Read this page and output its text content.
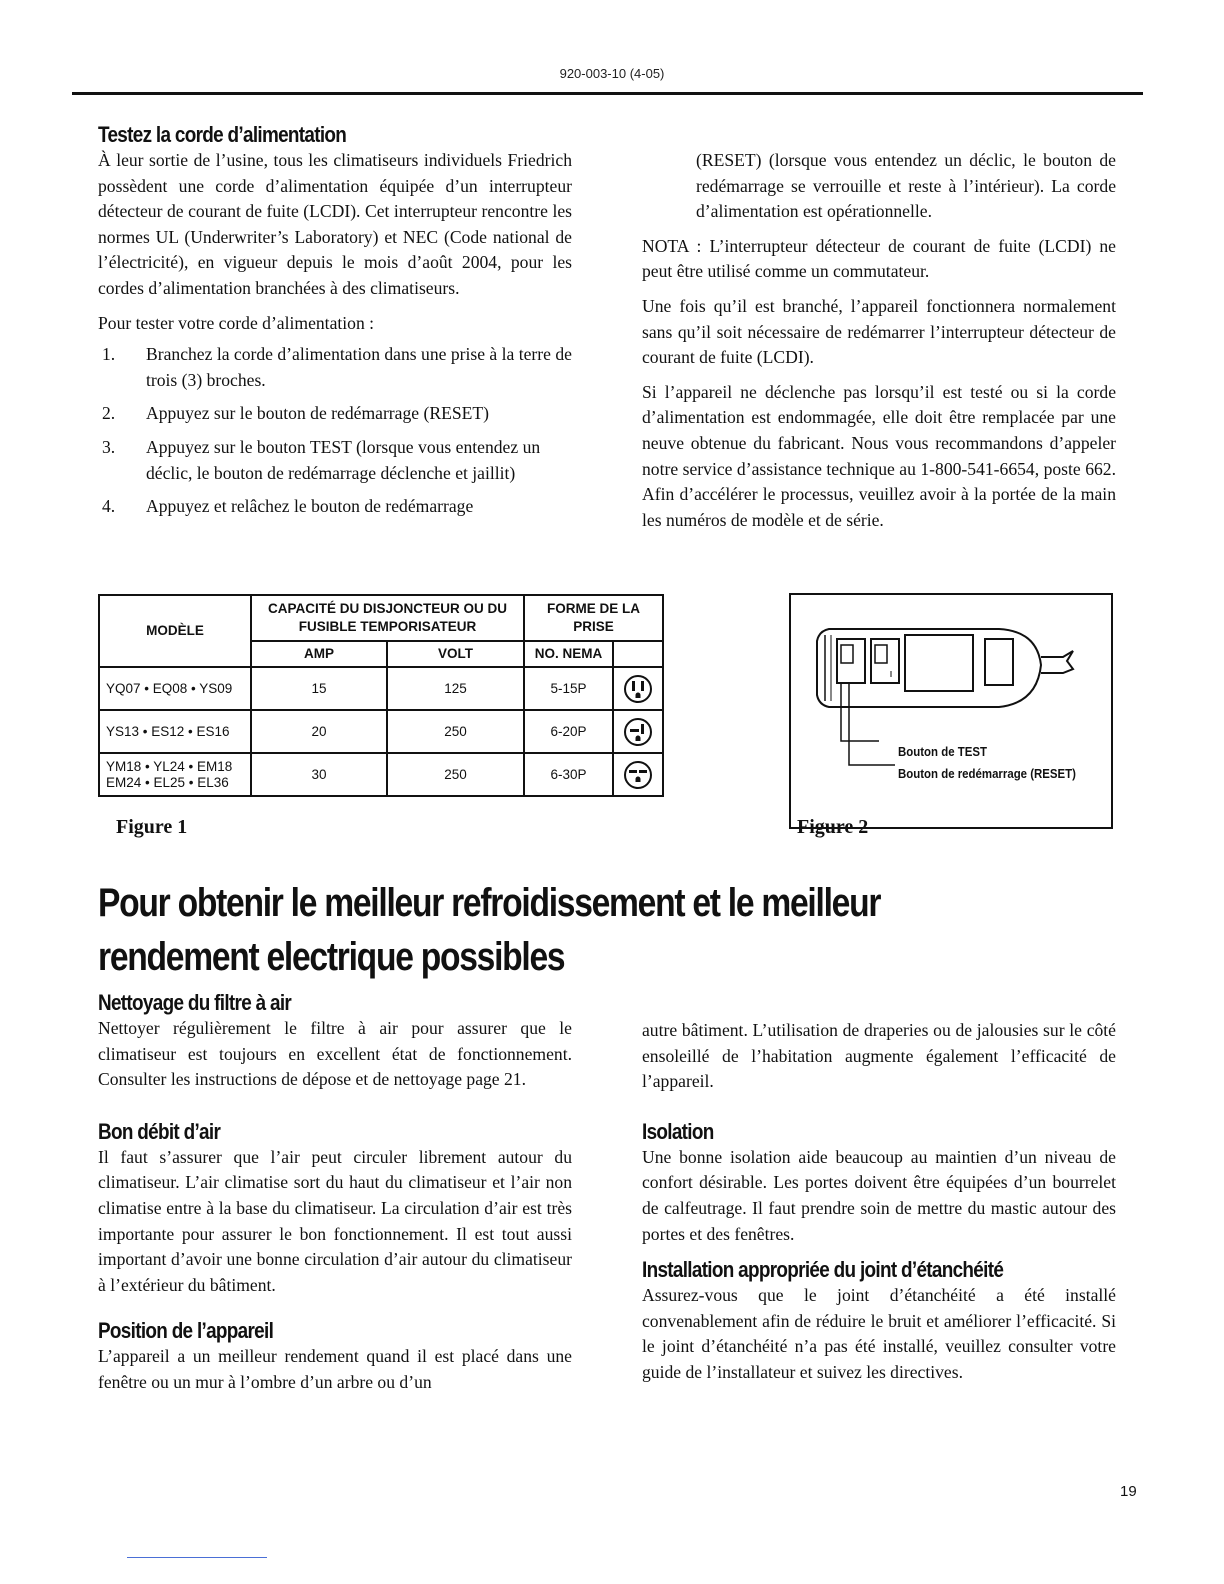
920-003-10 (4-05)
Testez la corde d’alimentation

À leur sortie de l’usine, tous les climatiseurs individuels Friedrich possèdent une corde d’alimentation équipée d’un interrupteur détecteur de courant de fuite (LCDI). Cet interrupteur rencontre les normes UL (Underwriter’s Laboratory) et NEC (Code national de l’électricité), en vigueur depuis le mois d’août 2004, pour les cordes d’alimentation branchées à des climatiseurs.

Pour tester votre corde d’alimentation :

1. Branchez la corde d’alimentation dans une prise à la terre de trois (3) broches.
2. Appuyez sur le bouton de redémarrage (RESET)
3. Appuyez sur le bouton TEST (lorsque vous entendez un déclic, le bouton de redémarrage déclenche et jaillit)
4. Appuyez et relâchez le bouton de redémarrage

(RESET) (lorsque vous entendez un déclic, le bouton de redémarrage se verrouille et reste à l’intérieur). La corde d’alimentation est opérationnelle.

NOTA : L’interrupteur détecteur de courant de fuite (LCDI) ne peut être utilisé comme un commutateur.

Une fois qu’il est branché, l’appareil fonctionnera normalement sans qu’il soit nécessaire de redémarrer l’interrupteur détecteur de courant de fuite (LCDI).

Si l’appareil ne déclenche pas lorsqu’il est testé ou si la corde d’alimentation est endommagée, elle doit être remplacée par une neuve obtenue du fabricant. Nous vous recommandons d’appeler notre service d’assistance technique au 1-800-541-6654, poste 662. Afin d’accélérer le processus, veuillez avoir à la portée de la main les numéros de modèle et de série.

MODÈLE	CAPACITÉ DU DISJONCTEUR OU DU FUSIBLE TEMPORISATEUR		FORME DE LA PRISE	
	AMP	VOLT	NO. NEMA	
YQ07 • EQ08 • YS09	15	125	5-15P	

YS13 • ES12 • ES16	20	250	6-20P	

YM18 • YL24 • EM18
EM24 • EL25 • EL36	30	250	6-30P	
Figure 1
Bouton de TEST
Bouton de redémarrage (RESET)
Figure 2
Pour obtenir le meilleur refroidissement et le meilleur rendement electrique possibles
Nettoyage du filtre à air

Nettoyer régulièrement le filtre à air pour assurer que le climatiseur est toujours en excellent état de fonctionnement. Consulter les instructions de dépose et de nettoyage page 21.

Bon débit d’air

Il faut s’assurer que l’air peut circuler librement autour du climatiseur. L’air climatise sort du haut du climatiseur et l’air non climatise entre à la base du climatiseur. La circulation d’air est très importante pour assurer le bon fonctionnement. Il est tout aussi important d’avoir une bonne circulation d’air autour du climatiseur à l’extérieur du bâtiment.

Position de l’appareil

L’appareil a un meilleur rendement quand il est placé dans une fenêtre ou un mur à l’ombre d’un arbre ou d’un

autre bâtiment. L’utilisation de draperies ou de jalousies sur le côté ensoleillé de l’habitation augmente également l’efficacité de l’appareil.

Isolation

Une bonne isolation aide beaucoup au maintien d’un niveau de confort désirable. Les portes doivent être équipées d’un bourrelet de calfeutrage. Il faut prendre soin de mettre du mastic autour des portes et des fenêtres.

Installation appropriée du joint d’étanchéité

Assurez-vous que le joint d’étanchéité a été installé convenablement afin de réduire le bruit et améliorer l’efficacité. Si le joint d’étanchéité n’a pas été installé, veuillez consulter votre guide de l’installateur et suivez les directives.

19
